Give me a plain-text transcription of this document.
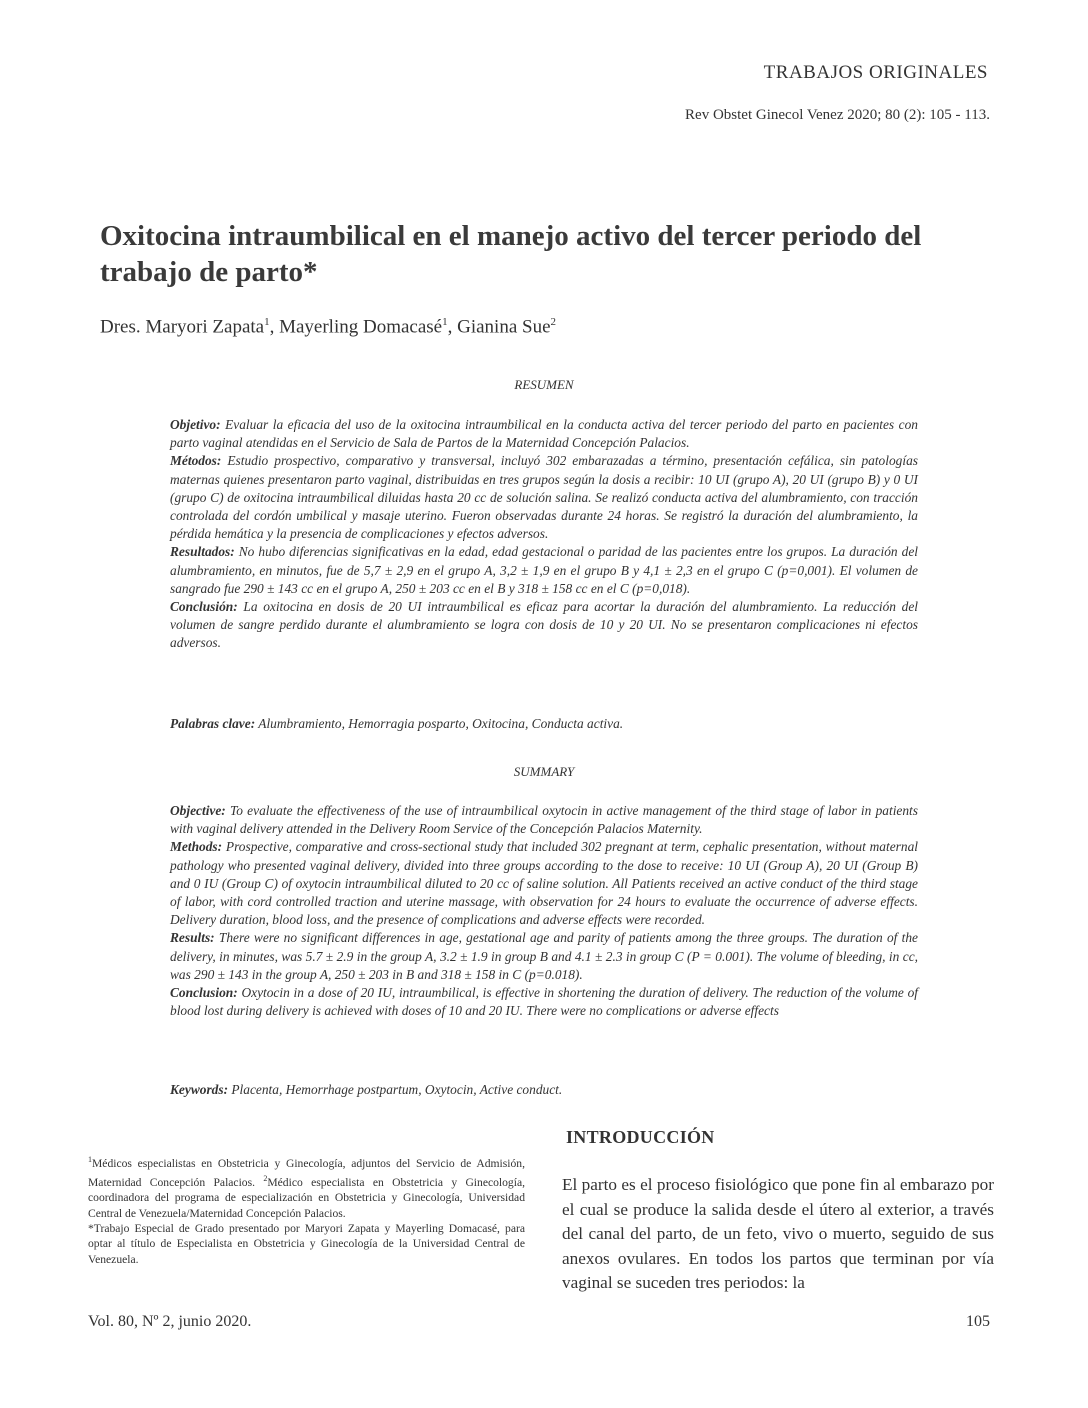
TRABAJOS ORIGINALES
Rev Obstet Ginecol Venez 2020; 80 (2): 105 - 113.
Oxitocina intraumbilical en el manejo activo del tercer periodo del trabajo de parto*
Dres. Maryori Zapata$^1$, Mayerling Domacasé$^1$, Gianina Sue$^2$
RESUMEN

Objetivo: Evaluar la eficacia del uso de la oxitocina intraumbilical en la conducta activa del tercer periodo del parto en pacientes con parto vaginal atendidas en el Servicio de Sala de Partos de la Maternidad Concepción Palacios.

Métodos: Estudio prospectivo, comparativo y transversal, incluyó 302 embarazadas a término, presentación cefálica, sin patologías maternas quienes presentaron parto vaginal, distribuidas en tres grupos según la dosis a recibir: 10 UI (grupo A), 20 UI (grupo B) y 0 UI (grupo C) de oxitocina intraumbilical diluidas hasta 20 cc de solución salina. Se realizó conducta activa del alumbramiento, con tracción controlada del cordón umbilical y masaje uterino. Fueron observadas durante 24 horas. Se registró la duración del alumbramiento, la pérdida hemática y la presencia de complicaciones y efectos adversos.

Resultados: No hubo diferencias significativas en la edad, edad gestacional o paridad de las pacientes entre los grupos. La duración del alumbramiento, en minutos, fue de 5,7 ± 2,9 en el grupo A, 3,2 ± 1,9 en el grupo B y 4,1 ± 2,3 en el grupo C (p=0,001). El volumen de sangrado fue 290 ± 143 cc en el grupo A, 250 ± 203 cc en el B y 318 ± 158 cc en el C (p=0,018).

Conclusión: La oxitocina en dosis de 20 UI intraumbilical es eficaz para acortar la duración del alumbramiento. La reducción del volumen de sangre perdido durante el alumbramiento se logra con dosis de 10 y 20 UI. No se presentaron complicaciones ni efectos adversos.

Palabras clave: Alumbramiento, Hemorragia posparto, Oxitocina, Conducta activa.

SUMMARY

Objective: To evaluate the effectiveness of the use of intraumbilical oxytocin in active management of the third stage of labor in patients with vaginal delivery attended in the Delivery Room Service of the Concepción Palacios Maternity.

Methods: Prospective, comparative and cross-sectional study that included 302 pregnant at term, cephalic presentation, without maternal pathology who presented vaginal delivery, divided into three groups according to the dose to receive: 10 UI (Group A), 20 UI (Group B) and 0 IU (Group C) of oxytocin intraumbilical diluted to 20 cc of saline solution. All Patients received an active conduct of the third stage of labor, with cord controlled traction and uterine massage, with observation for 24 hours to evaluate the occurrence of adverse effects. Delivery duration, blood loss, and the presence of complications and adverse effects were recorded.

Results: There were no significant differences in age, gestational age and parity of patients among the three groups. The duration of the delivery, in minutes, was 5.7 ± 2.9 in the group A, 3.2 ± 1.9 in group B and 4.1 ± 2.3 in group C (P = 0.001). The volume of bleeding, in cc, was 290 ± 143 in the group A, 250 ± 203 in B and 318 ± 158 in C (p=0.018).

Conclusion: Oxytocin in a dose of 20 IU, intraumbilical, is effective in shortening the duration of delivery. The reduction of the volume of blood lost during delivery is achieved with doses of 10 and 20 IU. There were no complications or adverse effects

Keywords: Placenta, Hemorrhage postpartum, Oxytocin, Active conduct.

$^1$Médicos especialistas en Obstetricia y Ginecología, adjuntos del Servicio de Admisión, Maternidad Concepción Palacios. $^2$Médico especialista en Obstetricia y Ginecología, coordinadora del programa de especialización en Obstetricia y Ginecología, Universidad Central de Venezuela/Maternidad Concepción Palacios.

*Trabajo Especial de Grado presentado por Maryori Zapata y Mayerling Domacasé, para optar al título de Especialista en Obstetricia y Ginecología de la Universidad Central de Venezuela.

INTRODUCCIÓN
El parto es el proceso fisiológico que pone fin al embarazo por el cual se produce la salida desde el útero al exterior, a través del canal del parto, de un feto, vivo o muerto, seguido de sus anexos ovulares. En todos los partos que terminan por vía vaginal se suceden tres periodos: la
Vol. 80, Nº 2, junio 2020.	105
